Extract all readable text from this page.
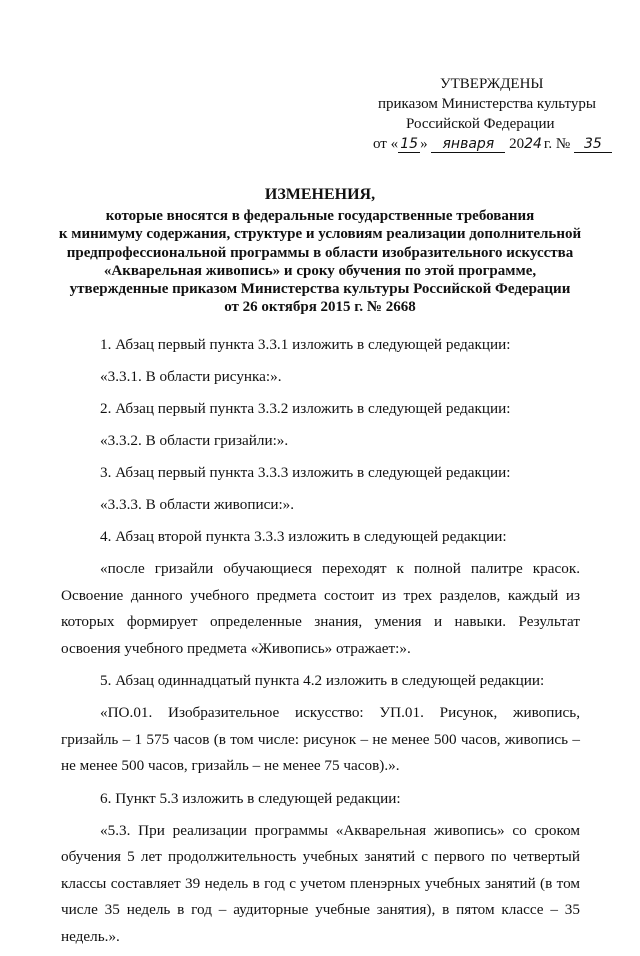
УТВЕРЖДЕНЫ
приказом Министерства культуры
Российской Федерации
от « 15 » января 2024 г. № 35
ИЗМЕНЕНИЯ,
которые вносятся в федеральные государственные требования
к минимуму содержания, структуре и условиям реализации дополнительной
предпрофессиональной программы в области изобразительного искусства
«Акварельная живопись» и сроку обучения по этой программе,
утвержденные приказом Министерства культуры Российской Федерации
от 26 октября 2015 г. № 2668

1. Абзац первый пункта 3.3.1 изложить в следующей редакции:

«3.3.1. В области рисунка:».

2. Абзац первый пункта 3.3.2 изложить в следующей редакции:

«3.3.2. В области гризайли:».

3. Абзац первый пункта 3.3.3 изложить в следующей редакции:

«3.3.3. В области живописи:».

4. Абзац второй пункта 3.3.3 изложить в следующей редакции:

«после гризайли обучающиеся переходят к полной палитре красок. Освоение данного учебного предмета состоит из трех разделов, каждый из которых формирует определенные знания, умения и навыки. Результат освоения учебного предмета «Живопись» отражает:».

5. Абзац одиннадцатый пункта 4.2 изложить в следующей редакции:

«ПО.01. Изобразительное искусство: УП.01. Рисунок, живопись, гризайль – 1 575 часов (в том числе: рисунок – не менее 500 часов, живопись – не менее 500 часов, гризайль – не менее 75 часов).».

6. Пункт 5.3 изложить в следующей редакции:

«5.3. При реализации программы «Акварельная живопись» со сроком обучения 5 лет продолжительность учебных занятий с первого по четвертый классы составляет 39 недель в год с учетом пленэрных учебных занятий (в том числе 35 недель в год – аудиторные учебные занятия), в пятом классе – 35 недель.».
